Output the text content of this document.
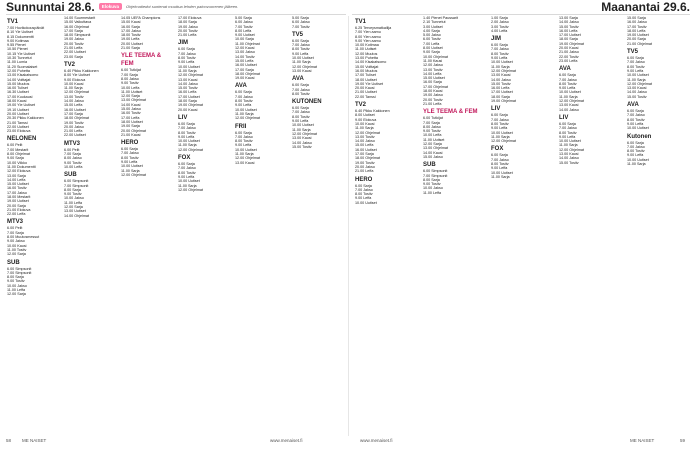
Sunnuntai 28.6.	Elokuva	Ohjelmatiedot suntenat muuttua lehden painovuorenen jälkeen.	Maanantai 29.6.
TV1
7.00 Huvikokouspäivät
8.10 Yle Uutiset
8.15 Dokumentti
9.00 Kotimaa
9.55 Pienet
10.50 Pienet
10.15 Yle Uutiset
10.30 Tunnetut
11.00 Lumia
11.20 Suomalaiset
12.00 Puhetta
13.00 Kisakatsomo
14.00 Voittajat
15.00 Muutos
16.00 Tuliset
16.30 Uutiset
17.00 Kuukausi
18.00 Kausi
19.00 Yle Uutiset
19.10 Uutiset
20.00 Uutiset
20.30 Pikku Kakkonen
21.00 Tanssi
22.00 Uutiset
23.00 Elokuva
NELONEN
6.00 Pelit
7.00 Mestarit
8.00 Ohjelmat
9.00 Sarja
10.00 Viikko
11.00 Dokumentti
12.00 Elokuva
13.00 Sarja
14.00 Leffa
15.00 Uutiset
16.00 Tositv
17.00 Jakso
18.00 Mestarit
19.00 Uutiset
20.00 Sarja
21.00 Elokuva
22.00 Leffa
MTV3
6.00 Pelit
7.00 Sarja
8.00 Muutosmessut
9.00 Jakso
10.00 Kausi
11.00 Tositv
12.00 Sarja
SUB
6.00 Simpsonit
7.00 Simpsonit
8.00 Sarja
9.00 Tositv
10.00 Jakso
11.00 Leffa
12.00 Sarja
14.00 Suurmestarit
15.00 Vaikuttava
16.00 Ohjelmat
17.00 Sarja
18.00 Simpsonit
19.00 Jakso
20.00 Tositv
21.00 Leffa
22.00 Uutiset
23.00 Sarja
TV2
6.40 Pikku Kakkonen
8.00 Yle Uutiset
9.00 Elokuva
10.00 Kausi
11.00 Sarja
12.00 Ohjelmat
13.00 Tositv
14.00 Jakso
15.00 Leffa
16.00 Uutiset
17.00 Sarja
18.00 Ohjelmat
19.00 Tositv
20.00 Jakso
21.00 Leffa
22.00 Uutiset
MTV3
6.00 Pelit
7.00 Sarja
8.00 Jakso
9.00 Tositv
10.00 Leffa
SUB
6.00 Simpsonit
7.00 Simpsonit
8.00 Sarja
9.00 Tositv
10.00 Jakso
11.00 Leffa
12.00 Sarja
13.00 Uutiset
14.00 Ohjelmat
14.05 UEFA Champions
15.00 Kausi
16.00 Sarja
17.00 Jakso
18.00 Tositv
19.00 Leffa
20.00 Uutiset
21.00 Sarja
YLE TEEMA & FEM
6.00 Tutkijat
7.00 Sarja
8.00 Jakso
9.00 Tositv
10.00 Leffa
11.00 Uutiset
12.00 Sarja
13.00 Ohjelmat
14.00 Kausi
15.00 Jakso
16.00 Tositv
17.00 Leffa
18.00 Uutiset
19.00 Sarja
20.00 Ohjelmat
21.00 Kausi
HERO
6.00 Sarja
7.00 Jakso
8.00 Tositv
9.00 Leffa
10.00 Uutiset
11.00 Sarja
12.00 Ohjelmat
17.00 Elokuva
18.00 Sarja
19.00 Jakso
20.00 Tositv
21.00 Leffa
JIM
6.00 Sarja
7.00 Jakso
8.00 Tositv
9.00 Leffa
10.00 Uutiset
11.00 Sarja
12.00 Ohjelmat
13.00 Kausi
14.00 Jakso
15.00 Tositv
16.00 Leffa
17.00 Uutiset
18.00 Sarja
19.00 Ohjelmat
20.00 Kausi
LIV
6.00 Sarja
7.00 Jakso
8.00 Tositv
9.00 Leffa
10.00 Uutiset
11.00 Sarja
12.00 Ohjelmat
FOX
6.00 Sarja
7.00 Jakso
8.00 Tositv
9.00 Leffa
10.00 Uutiset
11.00 Sarja
12.00 Ohjelmat
5.00 Sarja
6.00 Jakso
7.00 Tositv
8.00 Leffa
9.00 Uutiset
10.00 Sarja
11.00 Ohjelmat
12.00 Kausi
13.00 Jakso
14.00 Tositv
15.00 Leffa
16.00 Uutiset
17.00 Sarja
18.00 Ohjelmat
19.00 Kausi
AVA
6.00 Sarja
7.00 Jakso
8.00 Tositv
9.00 Leffa
10.00 Uutiset
11.00 Sarja
12.00 Ohjelmat
FRII
6.00 Sarja
7.00 Jakso
8.00 Tositv
9.00 Leffa
10.00 Uutiset
11.00 Sarja
12.00 Ohjelmat
13.00 Kausi
5.00 Sarja
6.00 Jakso
7.00 Tositv
TV5
6.00 Sarja
7.00 Jakso
8.00 Tositv
9.00 Leffa
10.00 Uutiset
11.00 Sarja
12.00 Ohjelmat
13.00 Kausi
AVA
6.00 Sarja
7.00 Jakso
8.00 Tositv
KUTONEN
6.00 Sarja
7.00 Jakso
8.00 Tositv
9.00 Leffa
10.00 Uutiset
11.00 Sarja
12.00 Ohjelmat
13.00 Kausi
14.00 Jakso
15.00 Tositv
TV1
6.25 Terveysmatkailija
7.00 Ylen aamu
8.00 Ylen aamu
9.00 Ylen aamu
10.00 Kotimaa
11.00 Uutiset
12.00 Muutos
13.00 Puhetta
14.00 Kisakatsomo
15.00 Voittajat
16.00 Muutos
17.00 Tuliset
18.00 Uutiset
19.00 Yle Uutiset
20.00 Kausi
21.00 Uutiset
22.00 Tanssi
TV2
6.40 Pikku Kakkonen
8.00 Uutiset
9.00 Elokuva
10.00 Kausi
11.00 Sarja
12.00 Ohjelmat
13.00 Tositv
14.00 Jakso
15.00 Leffa
16.00 Uutiset
17.00 Sarja
18.00 Ohjelmat
19.00 Tositv
20.00 Jakso
21.00 Leffa
HERO
6.00 Sarja
7.00 Jakso
8.00 Tositv
9.00 Leffa
10.00 Uutiset
1.40 Pienet Paussarit
2.10 Tunnetut
3.00 Uutiset
4.00 Sarja
5.00 Jakso
6.00 Tositv
7.00 Leffa
8.00 Uutiset
9.00 Sarja
10.00 Ohjelmat
11.00 Kausi
12.00 Jakso
13.00 Tositv
14.00 Leffa
15.00 Uutiset
16.00 Sarja
17.00 Ohjelmat
18.00 Kausi
19.00 Jakso
20.00 Tositv
21.00 Leffa
YLE TEEMA & FEM
6.00 Tutkijat
7.00 Sarja
8.00 Jakso
9.00 Tositv
10.00 Leffa
11.00 Uutiset
12.00 Sarja
13.00 Ohjelmat
14.00 Kausi
15.00 Jakso
SUB
6.00 Simpsonit
7.00 Simpsonit
8.00 Sarja
9.00 Tositv
10.00 Jakso
11.00 Leffa
1.00 Sarja
2.00 Jakso
3.00 Tositv
4.00 Leffa
JIM
6.00 Sarja
7.00 Jakso
8.00 Tositv
9.00 Leffa
10.00 Uutiset
11.00 Sarja
12.00 Ohjelmat
13.00 Kausi
14.00 Jakso
15.00 Tositv
16.00 Leffa
17.00 Uutiset
18.00 Sarja
19.00 Ohjelmat
LIV
6.00 Sarja
7.00 Jakso
8.00 Tositv
9.00 Leffa
10.00 Uutiset
11.00 Sarja
12.00 Ohjelmat
FOX
6.00 Sarja
7.00 Jakso
8.00 Tositv
9.00 Leffa
10.00 Uutiset
11.00 Sarja
13.00 Sarja
14.00 Jakso
15.00 Tositv
16.00 Leffa
17.00 Uutiset
18.00 Sarja
19.00 Ohjelmat
20.00 Kausi
21.00 Jakso
22.00 Tositv
23.00 Leffa
AVA
6.00 Sarja
7.00 Jakso
8.00 Tositv
9.00 Leffa
10.00 Uutiset
11.00 Sarja
12.00 Ohjelmat
13.00 Kausi
14.00 Jakso
LIV
6.00 Sarja
7.00 Jakso
8.00 Tositv
9.00 Leffa
10.00 Uutiset
11.00 Sarja
12.00 Ohjelmat
13.00 Kausi
14.00 Jakso
15.00 Tositv
15.00 Sarja
16.00 Jakso
17.00 Tositv
18.00 Leffa
19.00 Uutiset
20.00 Sarja
21.00 Ohjelmat
TV5
6.00 Sarja
7.00 Jakso
8.00 Tositv
9.00 Leffa
10.00 Uutiset
11.00 Sarja
12.00 Ohjelmat
13.00 Kausi
14.00 Jakso
15.00 Tositv
AVA
6.00 Sarja
7.00 Jakso
8.00 Tositv
9.00 Leffa
10.00 Uutiset
Kutonen
6.00 Sarja
7.00 Jakso
8.00 Tositv
9.00 Leffa
10.00 Uutiset
11.00 Sarja
58 ME NAISET	www.menaiset.fi	www.menaiset.fi	ME NAISET	59
